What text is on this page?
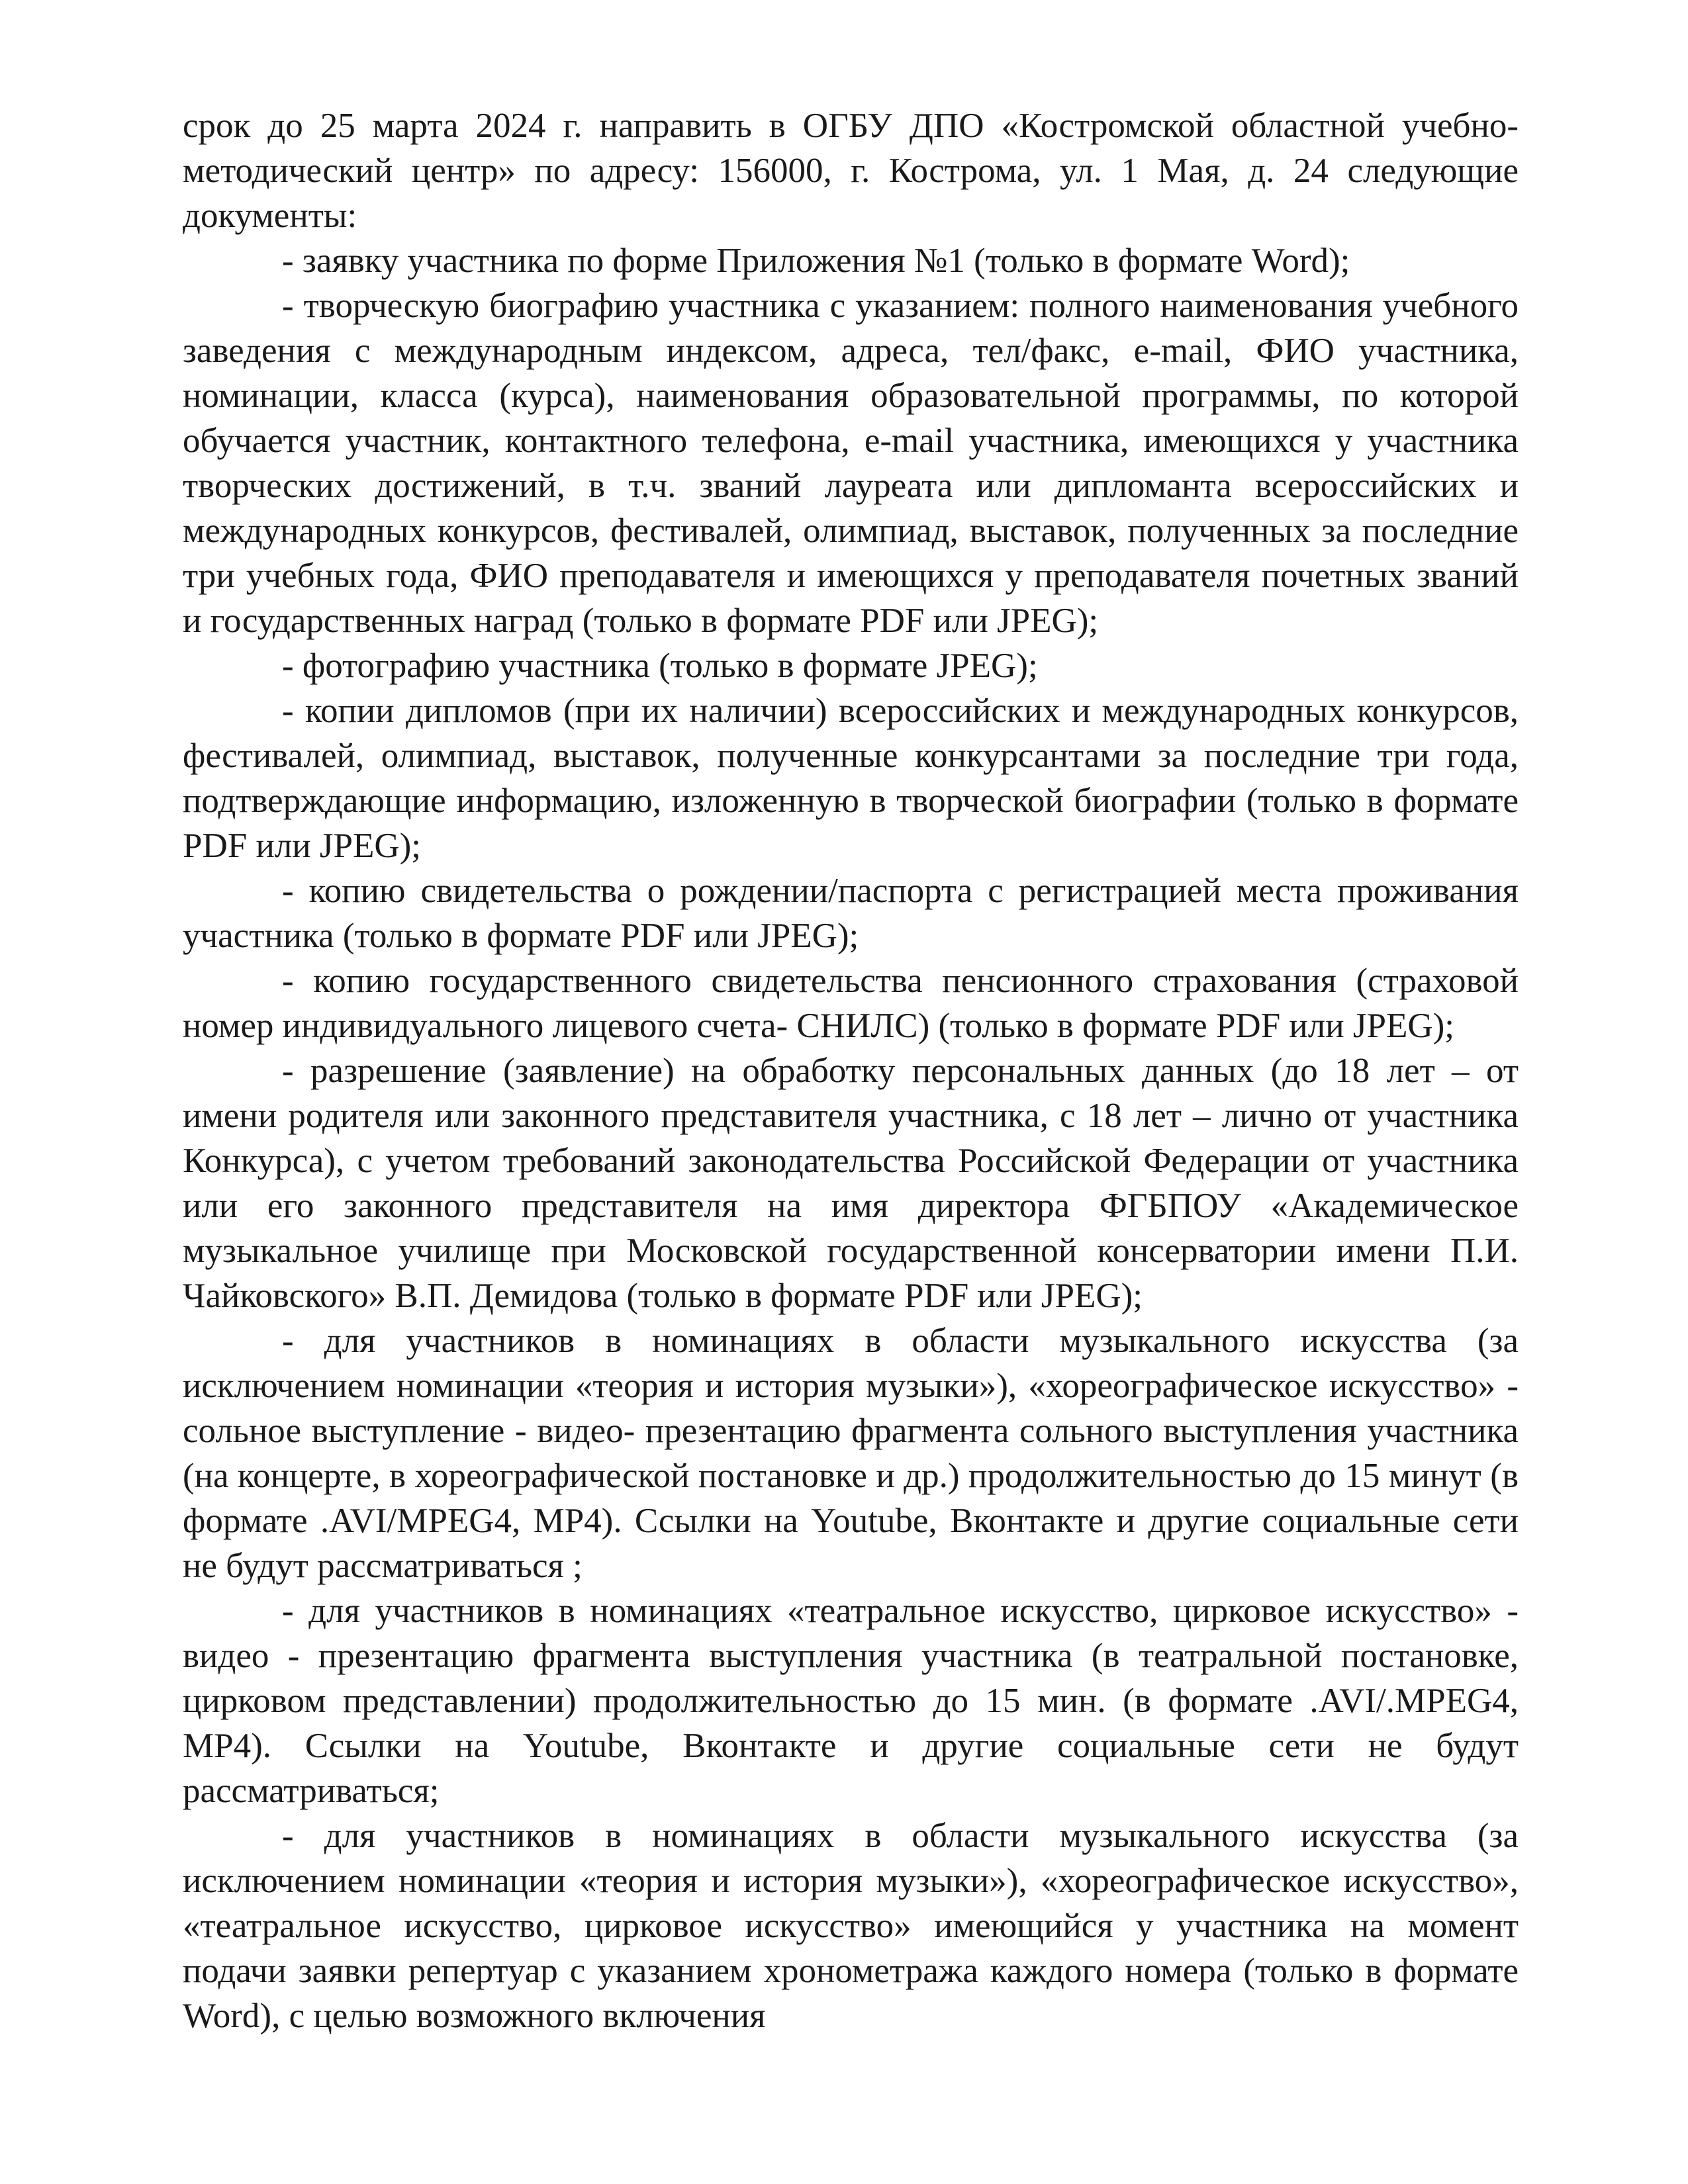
срок до 25 марта 2024 г. направить в ОГБУ ДПО «Костромской областной учебно-методический центр» по адресу: 156000, г. Кострома, ул. 1 Мая, д. 24 следующие документы:

- заявку участника по форме Приложения №1 (только в формате Word);

- творческую биографию участника с указанием: полного наименования учебного заведения с международным индексом, адреса, тел/факс, e-mail, ФИО участника, номинации, класса (курса), наименования образовательной программы, по которой обучается участник, контактного телефона, e-mail участника, имеющихся у участника творческих достижений, в т.ч. званий лауреата или дипломанта всероссийских и международных конкурсов, фестивалей, олимпиад, выставок, полученных за последние три учебных года, ФИО преподавателя и имеющихся у преподавателя почетных званий и государственных наград (только в формате PDF или JPEG);

- фотографию участника (только в формате JPEG);

- копии дипломов (при их наличии) всероссийских и международных конкурсов, фестивалей, олимпиад, выставок, полученные конкурсантами за последние три года, подтверждающие информацию, изложенную в творческой биографии (только в формате PDF или JPEG);

- копию свидетельства о рождении/паспорта с регистрацией места проживания участника (только в формате PDF или JPEG);

- копию государственного свидетельства пенсионного страхования (страховой номер индивидуального лицевого счета- СНИЛС) (только в формате PDF или JPEG);

- разрешение (заявление) на обработку персональных данных (до 18 лет – от имени родителя или законного представителя участника, с 18 лет – лично от участника Конкурса), с учетом требований законодательства Российской Федерации от участника или его законного представителя на имя директора ФГБПОУ «Академическое музыкальное училище при Московской государственной консерватории имени П.И. Чайковского» В.П. Демидова (только в формате PDF или JPEG);

- для участников в номинациях в области музыкального искусства (за исключением номинации «теория и история музыки»), «хореографическое искусство» - сольное выступление - видео- презентацию фрагмента сольного выступления участника (на концерте, в хореографической постановке и др.) продолжительностью до 15 минут (в формате .AVI/MPEG4, MP4). Ссылки на Youtube, Вконтакте и другие социальные сети не будут рассматриваться ;

- для участников в номинациях «театральное искусство, цирковое искусство» - видео - презентацию фрагмента выступления участника (в театральной постановке, цирковом представлении) продолжительностью до 15 мин. (в формате .AVI/.MPEG4, MP4). Ссылки на Youtube, Вконтакте и другие социальные сети не будут рассматриваться;

- для участников в номинациях в области музыкального искусства (за исключением номинации «теория и история музыки»), «хореографическое искусство», «театральное искусство, цирковое искусство» имеющийся у участника на момент подачи заявки репертуар с указанием хронометража каждого номера (только в формате Word), с целью возможного включения
